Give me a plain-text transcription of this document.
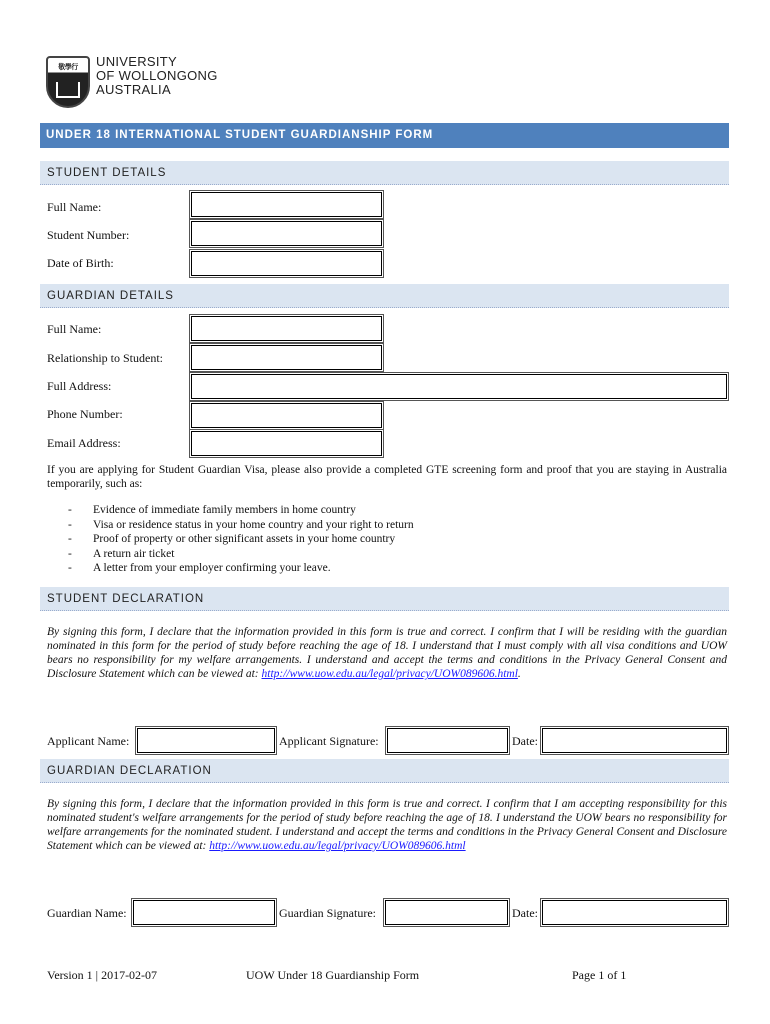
敬學行	UNIVERSITY
OF WOLLONGONG
AUSTRALIA
UNDER 18 INTERNATIONAL STUDENT GUARDIANSHIP FORM
STUDENT DETAILS
Full Name:
Student Number:
Date of Birth:
GUARDIAN DETAILS
Full Name:
Relationship to Student:
Full Address:
Phone Number:
Email Address:
If you are applying for Student Guardian Visa, please also provide a completed GTE screening form and proof that you are staying in Australia temporarily, such as:
- Evidence of immediate family members in home country
- Visa or residence status in your home country and your right to return
- Proof of property or other significant assets in your home country
- A return air ticket
- A letter from your employer confirming your leave.
STUDENT DECLARATION
By signing this form, I declare that the information provided in this form is true and correct. I confirm that I will be residing with the guardian nominated in this form for the period of study before reaching the age of 18. I understand that I must comply with all visa conditions and UOW bears no responsibility for my welfare arrangements. I understand and accept the terms and conditions in the Privacy General Consent and Disclosure Statement which can be viewed at: http://www.uow.edu.au/legal/privacy/UOW089606.html.
Applicant Name:	Applicant Signature:	Date:
GUARDIAN DECLARATION
By signing this form, I declare that the information provided in this form is true and correct. I confirm that I am accepting responsibility for this nominated student's welfare arrangements for the period of study before reaching the age of 18. I understand the UOW bears no responsibility for welfare arrangements for the nominated student. I understand and accept the terms and conditions in the Privacy General Consent and Disclosure Statement which can be viewed at: http://www.uow.edu.au/legal/privacy/UOW089606.html
Guardian Name:	Guardian Signature:	Date:
Version 1 | 2017-02-07	UOW Under 18 Guardianship Form	Page 1 of 1
